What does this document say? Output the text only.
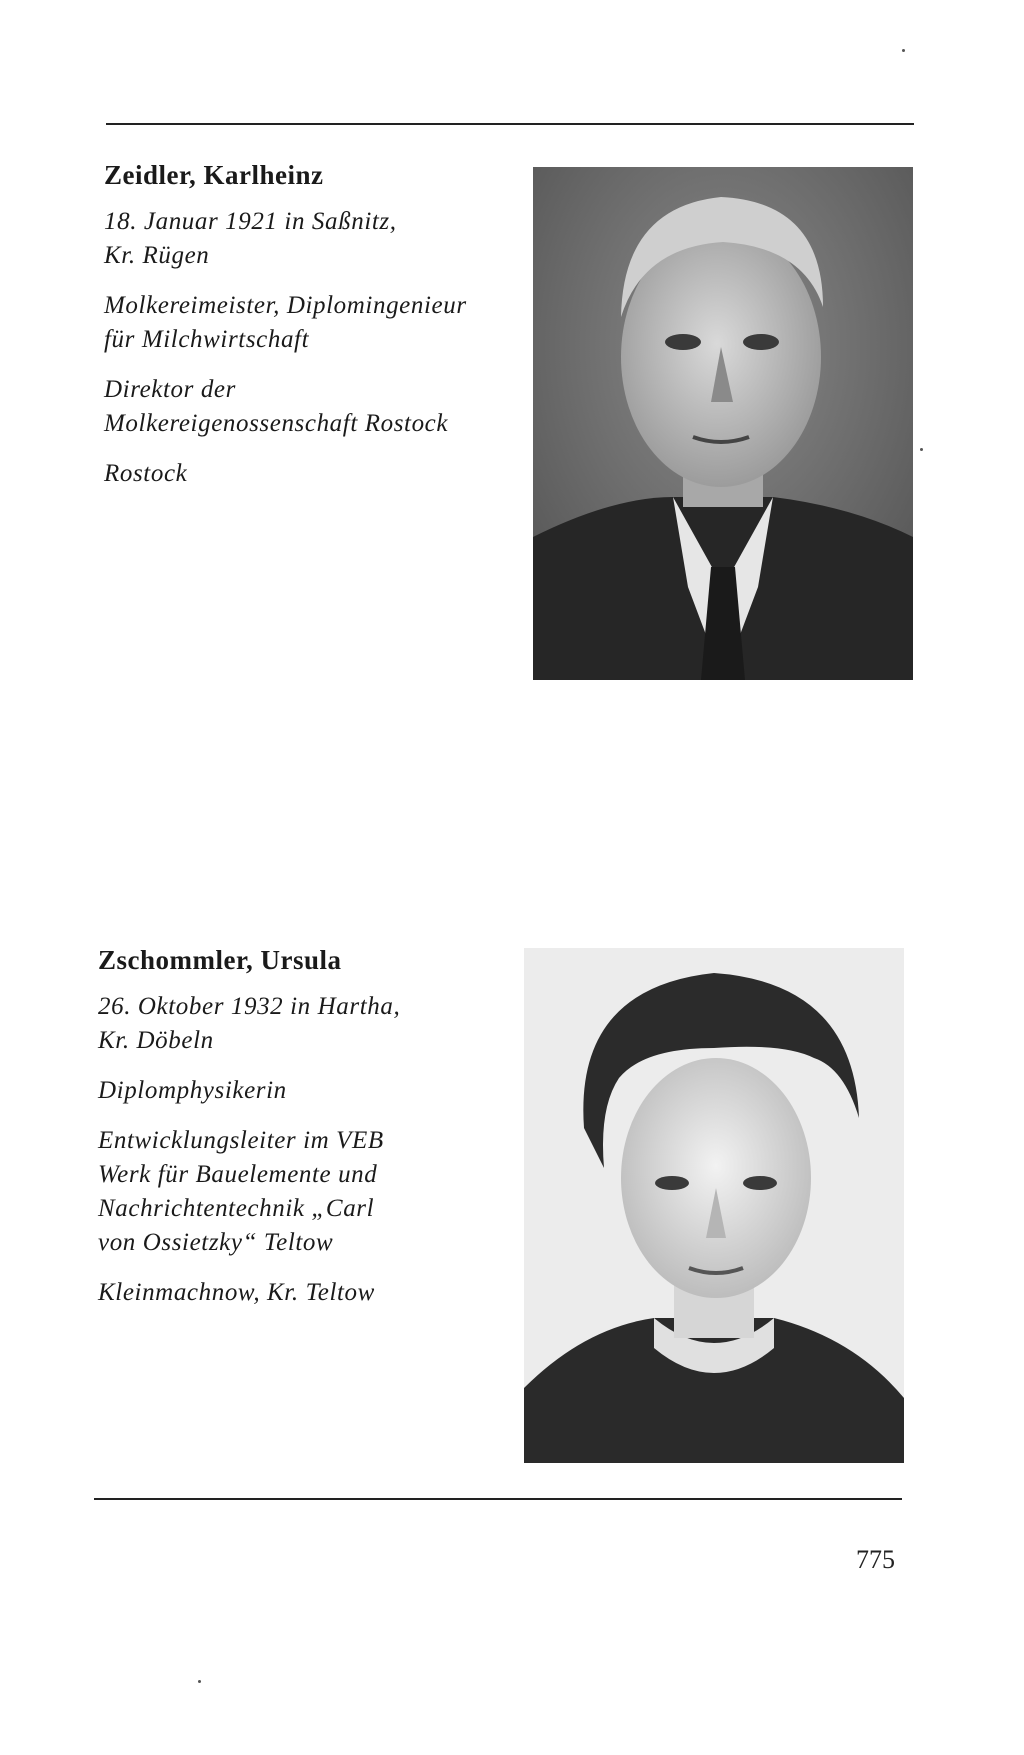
Zeidler, Karlheinz
18. Januar 1921 in Saßnitz,
Kr. Rügen
Molkereimeister, Diplomingenieur
für Milchwirtschaft
Direktor der
Molkereigenossenschaft Rostock
Rostock
Zschommler, Ursula
26. Oktober 1932 in Hartha,
Kr. Döbeln
Diplomphysikerin
Entwicklungsleiter im VEB
Werk für Bauelemente und
Nachrichtentechnik „Carl
von Ossietzky“ Teltow
Kleinmachnow, Kr. Teltow
775
